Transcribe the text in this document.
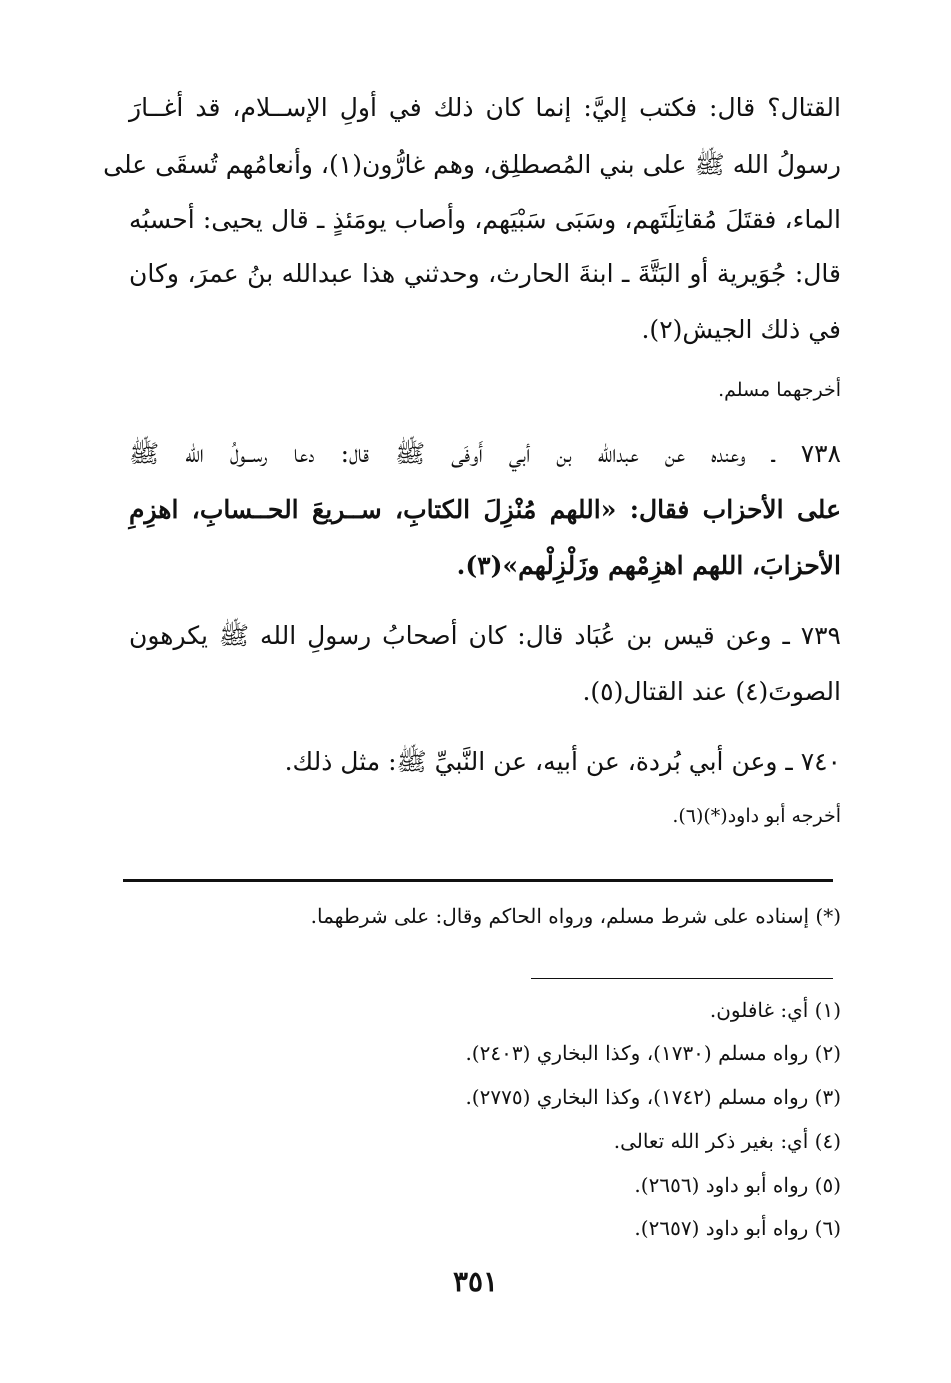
القتال؟ قال: فكتب إليَّ: إنما كان ذلك في أولِ الإســلام، قد أغــارَ
رسولُ الله ﷺ على بني المُصطلِق، وهم غارُّون(١)، وأنعامُهم تُسقَى على
الماء، فقتَلَ مُقاتِلَتَهم، وسَبَى سَبْيَهم، وأصاب يومَئذٍ ـ قال يحيى: أحسبُه
قال: جُوَيرية أو البَتَّةَ ـ ابنةَ الحارث، وحدثني هذا عبدالله بنُ عمرَ، وكان
في ذلك الجيش(٢).
أخرجهما مسلم.
٧٣٨ ـ وعنده عن عبدالله بن أبي أَوفَى ﷺ قال: دعا رســولُ الله ﷺ
على الأحزاب فقال: «اللهم مُنْزِلَ الكتابِ، ســريعَ الحــسابِ، اهزِمِ
الأحزابَ، اللهم اهزِمْهم وزَلْزِلْهم»(٣).
٧٣٩ ـ وعن قيس بن عُبَاد قال: كان أصحابُ رسولِ الله ﷺ يكرهون
الصوتَ(٤) عند القتال(٥).
٧٤٠ ـ وعن أبي بُردة، عن أبيه، عن النَّبيِّ ﷺ: مثل ذلك.
أخرجه أبو داود(*)(٦).
(*) إسناده على شرط مسلم، ورواه الحاكم وقال: على شرطهما.
(١) أي: غافلون.
(٢) رواه مسلم (١٧٣٠)، وكذا البخاري (٢٤٠٣).
(٣) رواه مسلم (١٧٤٢)، وكذا البخاري (٢٧٧٥).
(٤) أي: بغير ذكر الله تعالى.
(٥) رواه أبو داود (٢٦٥٦).
(٦) رواه أبو داود (٢٦٥٧).
٣٥١
